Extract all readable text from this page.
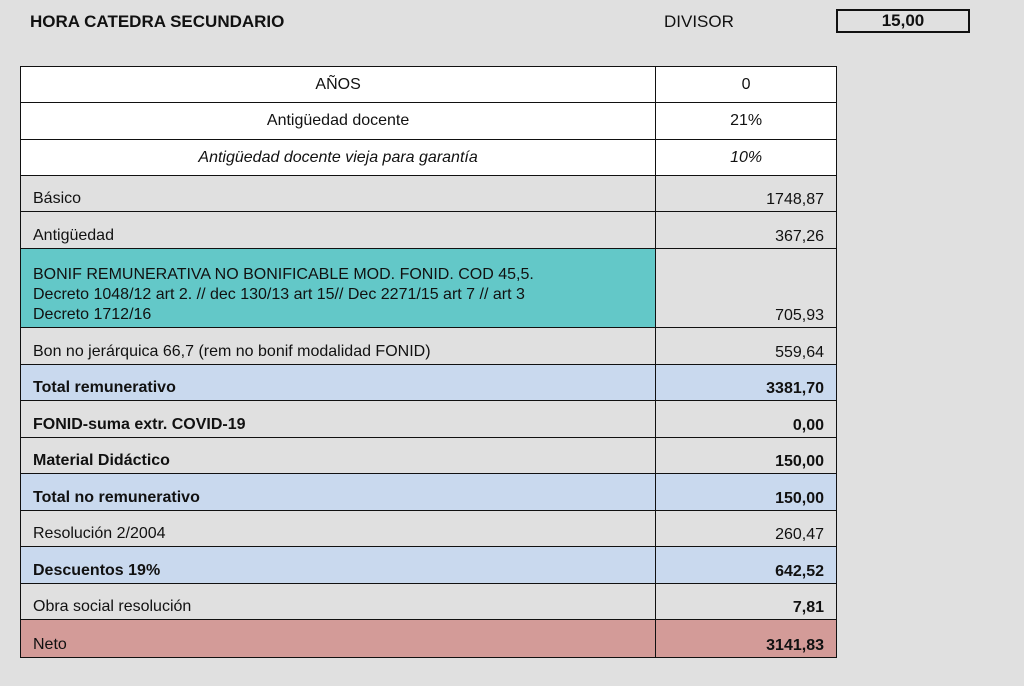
HORA CATEDRA SECUNDARIO	DIVISOR	15,00
AÑOS	0
Antigüedad docente	21%
Antigüedad docente vieja para garantía	10%
Básico	1748,87
Antigüedad	367,26

BONIF REMUNERATIVA NO BONIFICABLE MOD. FONID. COD 45,5.
Decreto 1048/12 art 2. // dec 130/13 art 15// Dec 2271/15 art 7 // art 3
Decreto 1712/16	705,93
Bon no jerárquica 66,7 (rem no bonif modalidad FONID)	559,64
Total remunerativo	3381,70
FONID-suma extr. COVID-19	0,00
Material Didáctico	150,00
Total no remunerativo	150,00
Resolución 2/2004	260,47
Descuentos 19%	642,52
Obra social resolución	7,81
Neto	3141,83
